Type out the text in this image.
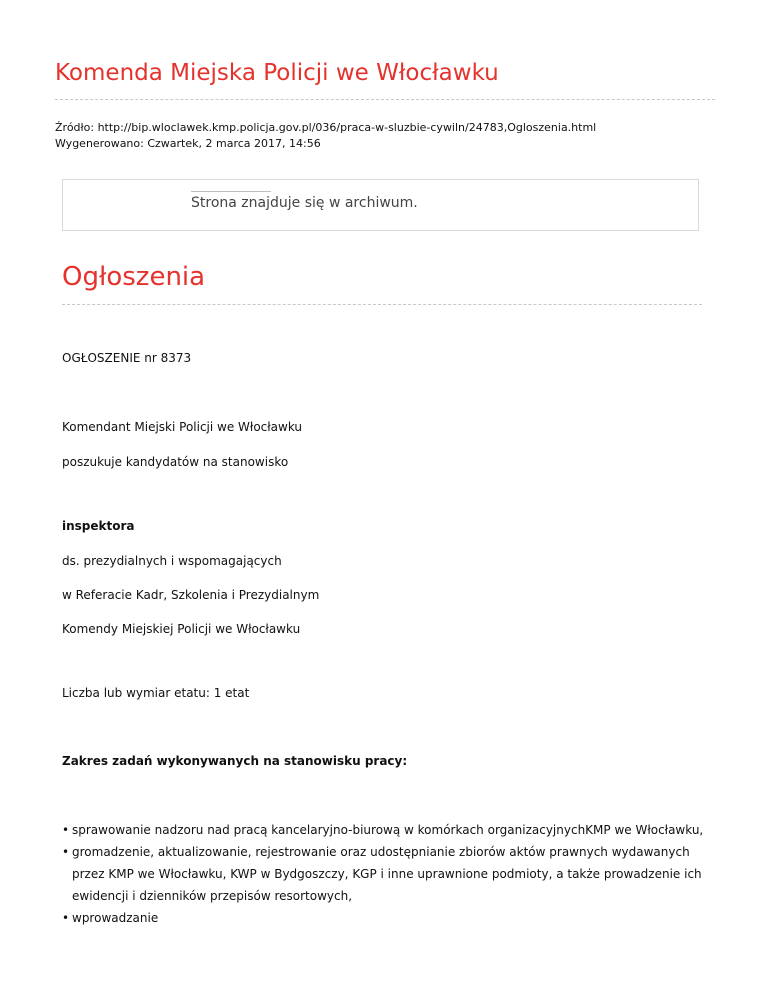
Komenda Miejska Policji we Włocławku
Źródło: http://bip.wloclawek.kmp.policja.gov.pl/036/praca-w-sluzbie-cywiln/24783,Ogloszenia.html
Wygenerowano: Czwartek, 2 marca 2017, 14:56
Strona znajduje się w archiwum.
Ogłoszenia

OGŁOSZENIE nr 8373

Komendant Miejski Policji we Włocławku

poszukuje kandydatów na stanowisko

inspektora

ds. prezydialnych i wspomagających

w Referacie Kadr, Szkolenia i Prezydialnym

Komendy Miejskiej Policji we Włocławku

Liczba lub wymiar etatu: 1 etat

Zakres zadań wykonywanych na stanowisku pracy:

• sprawowanie nadzoru nad pracą kancelaryjno-biurową w komórkach organizacyjnychKMP we Włocławku,
• gromadzenie, aktualizowanie, rejestrowanie oraz udostępnianie zbiorów aktów prawnych wydawanych przez KMP we Włocławku, KWP w Bydgoszczy, KGP i inne uprawnione podmioty, a także prowadzenie ich ewidencji i dzienników przepisów resortowych,
• wprowadzanie
